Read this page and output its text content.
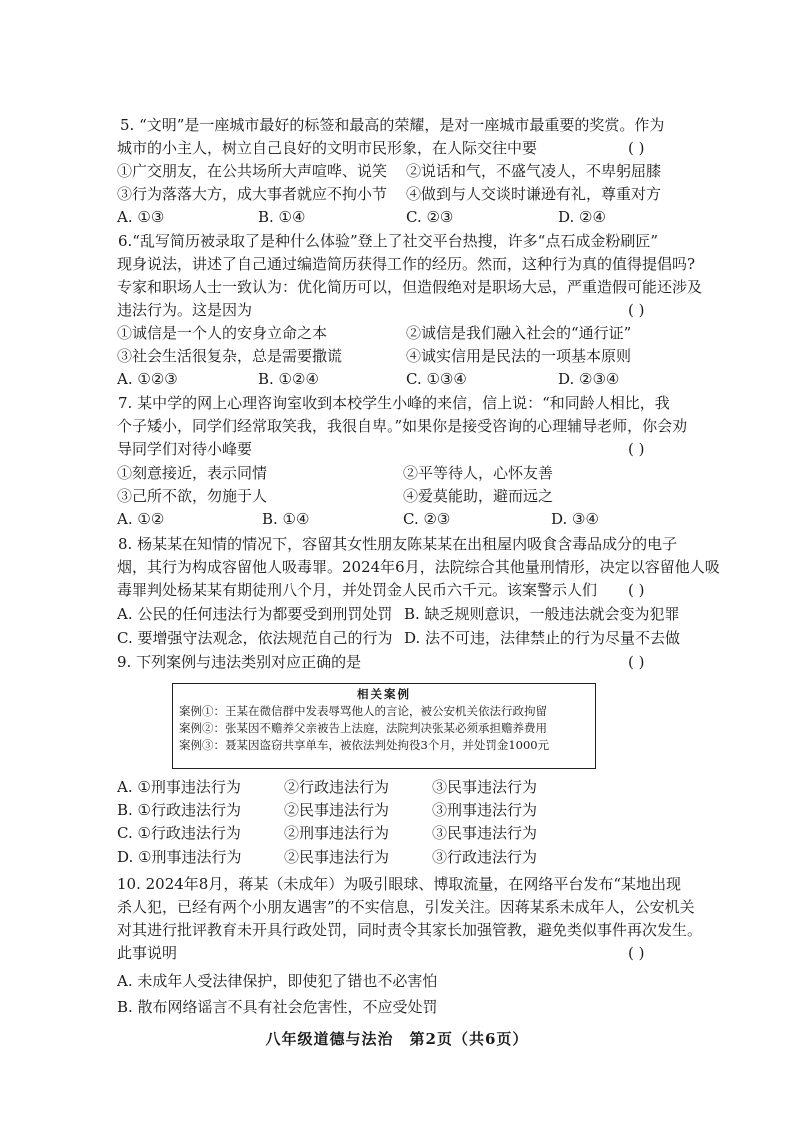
5. “文明”是一座城市最好的标签和最高的荣耀，是对一座城市最重要的奖赏。作为
城市的小主人，树立自己良好的文明市民形象，在人际交往中要	( )
①广交朋友，在公共场所大声喧哗、说笑 ②说话和气，不盛气凌人，不卑躬屈膝
③行为落落大方，成大事者就应不拘小节 ④做到与人交谈时谦逊有礼，尊重对方
A. ①③	B. ①④	C. ②③	D. ②④
6.“乱写简历被录取了是种什么体验”登上了社交平台热搜，许多“点石成金粉刷匠”
现身说法，讲述了自己通过编造简历获得工作的经历。然而，这种行为真的值得提倡吗?
专家和职场人士一致认为：优化简历可以，但造假绝对是职场大忌，严重造假可能还涉及
违法行为。这是因为	( )
①诚信是一个人的安身立命之本	②诚信是我们融入社会的“通行证”
③社会生活很复杂，总是需要撒谎	④诚实信用是民法的一项基本原则
A. ①②③	B. ①②④	C. ①③④	D. ②③④
7. 某中学的网上心理咨询室收到本校学生小峰的来信，信上说：“和同龄人相比，我
个子矮小，同学们经常取笑我，我很自卑。”如果你是接受咨询的心理辅导老师，你会劝
导同学们对待小峰要	( )
①刻意接近，表示同情	②平等待人，心怀友善
③己所不欲，勿施于人	④爱莫能助，避而远之
A. ①②	B. ①④	C. ②③	D. ③④
8. 杨某某在知情的情况下，容留其女性朋友陈某某在出租屋内吸食含毒品成分的电子
烟，其行为构成容留他人吸毒罪。2024年6月，法院综合其他量刑情形，决定以容留他人吸
毒罪判处杨某某有期徒刑八个月，并处罚金人民币六千元。该案警示人们 ( )
A. 公民的任何违法行为都要受到刑罚处罚 B. 缺乏规则意识，一般违法就会变为犯罪
C. 要增强守法观念，依法规范自己的行为 D. 法不可违，法律禁止的行为尽量不去做
9. 下列案例与违法类别对应正确的是	( )
相关案例
案例①：王某在微信群中发表辱骂他人的言论，被公安机关依法行政拘留
案例②：张某因不赡养父亲被告上法庭，法院判决张某必须承担赡养费用
案例③：聂某因盗窃共享单车，被依法判处拘役3个月，并处罚金1000元
A. ①刑事违法行为	②行政违法行为	③民事违法行为
B. ①行政违法行为	②民事违法行为	③刑事违法行为
C. ①行政违法行为	②刑事违法行为	③民事违法行为
D. ①刑事违法行为	②民事违法行为	③行政违法行为
10. 2024年8月，蒋某（未成年）为吸引眼球、博取流量，在网络平台发布“某地出现
杀人犯，已经有两个小朋友遇害”的不实信息，引发关注。因蒋某系未成年人，公安机关
对其进行批评教育未开具行政处罚，同时责令其家长加强管教，避免类似事件再次发生。
此事说明	( )
A. 未成年人受法律保护，即使犯了错也不必害怕
B. 散布网络谣言不具有社会危害性，不应受处罚
八年级道德与法治　第2页（共6页）
